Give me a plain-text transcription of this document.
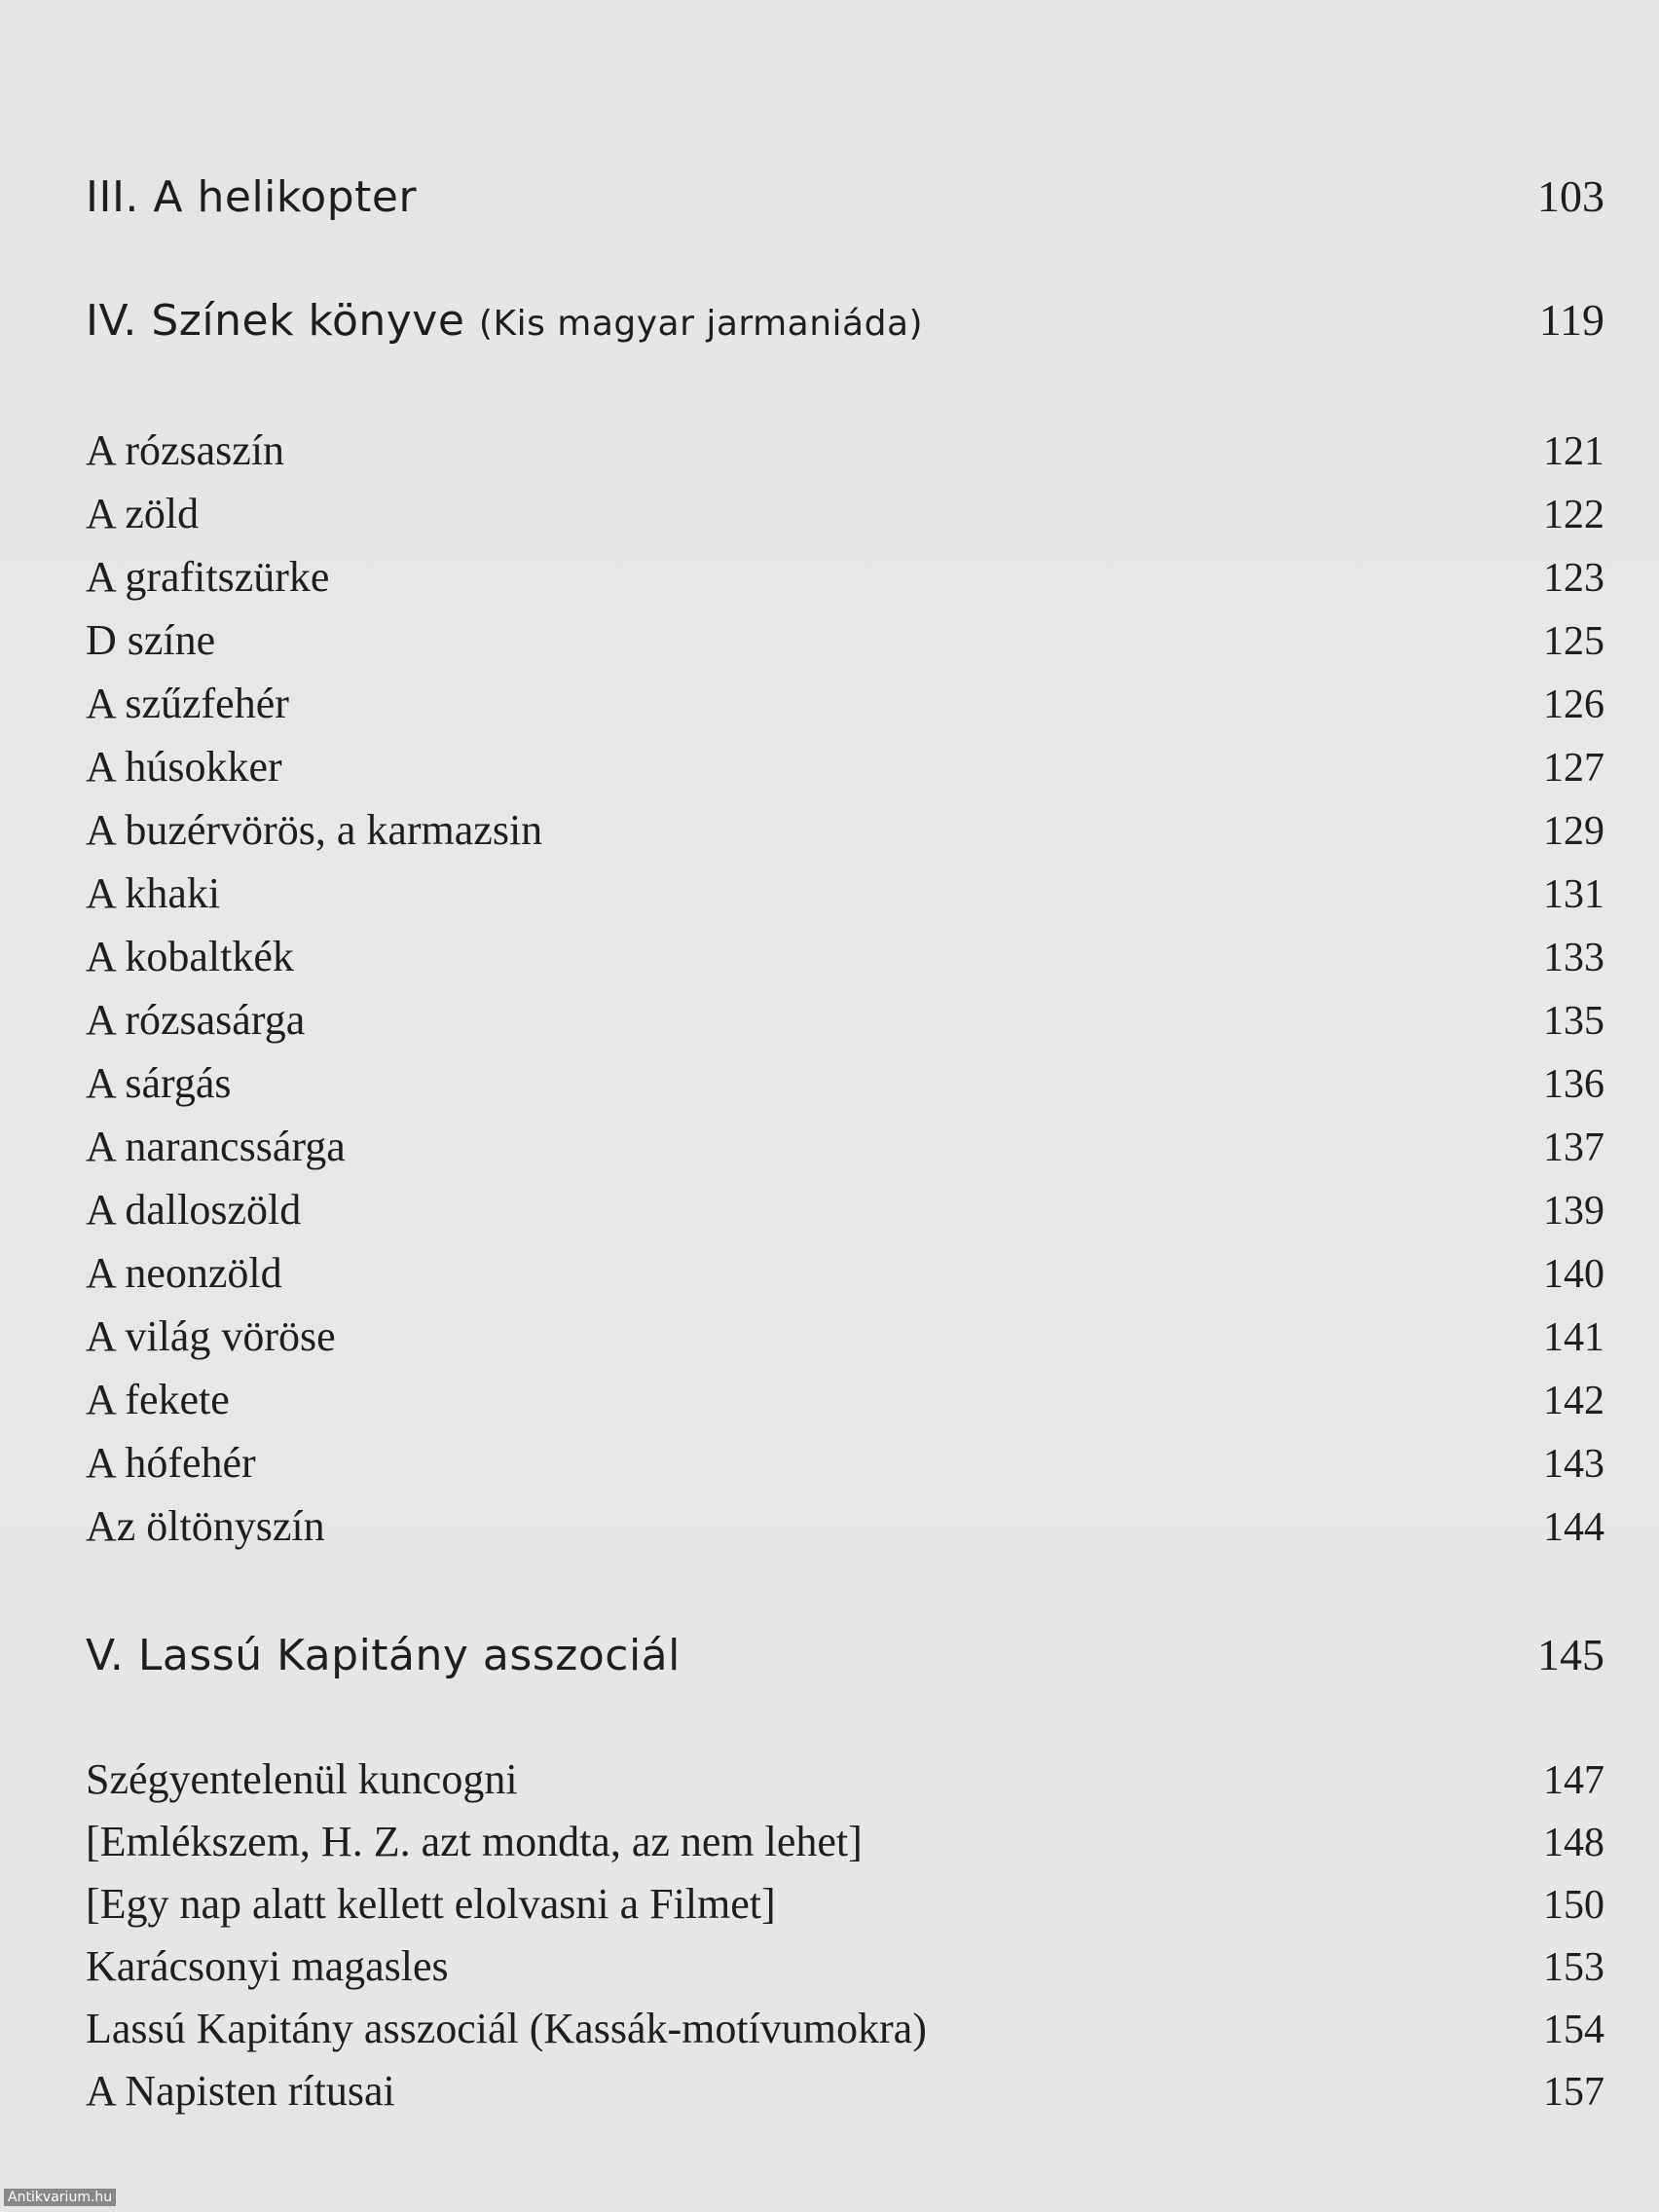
III. A helikopter	103
IV. Színek könyve (Kis magyar jarmaniáda)	119
A rózsaszín	121
A zöld	122
A grafitszürke	123
D színe	125
A szűzfehér	126
A húsokker	127
A buzérvörös, a karmazsin	129
A khaki	131
A kobaltkék	133
A rózsasárga	135
A sárgás	136
A narancssárga	137
A dalloszöld	139
A neonzöld	140
A világ vöröse	141
A fekete	142
A hófehér	143
Az öltönyszín	144
V. Lassú Kapitány asszociál	145
Szégyentelenül kuncogni	147
[Emlékszem, H. Z. azt mondta, az nem lehet]	148
[Egy nap alatt kellett elolvasni a Filmet]	150
Karácsonyi magasles	153
Lassú Kapitány asszociál (Kassák-motívumokra)	154
A Napisten rítusai	157
Antikvarium.hu
